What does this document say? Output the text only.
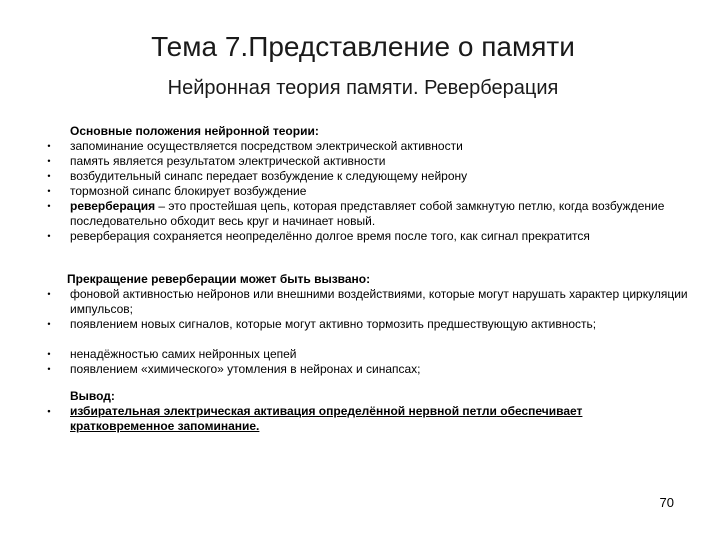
Тема 7.Представление о памяти
Нейронная теория памяти. Реверберация
Основные положения нейронной теории:
•	запоминание осуществляется посредством электрической активности
•	память является результатом электрической активности
•	возбудительный синапс передает возбуждение к следующему нейрону
•	тормозной синапс блокирует возбуждение
•	реверберация – это простейшая цепь, которая представляет собой замкнутую петлю, когда возбуждение последовательно обходит весь круг и начинает новый.
•	реверберация сохраняется неопределённо долгое время после того, как сигнал прекратится
Прекращение реверберации может быть вызвано:
•	фоновой активностью нейронов или внешними воздействиями, которые могут нарушать характер циркуляции импульсов;
•	появлением новых сигналов, которые могут активно тормозить предшествующую активность;
•	ненадёжностью самих нейронных цепей
•	появлением «химического» утомления в нейронах и синапсах;
Вывод:
•	избирательная электрическая активация определённой нервной петли обеспечивает кратковременное запоминание.
70
